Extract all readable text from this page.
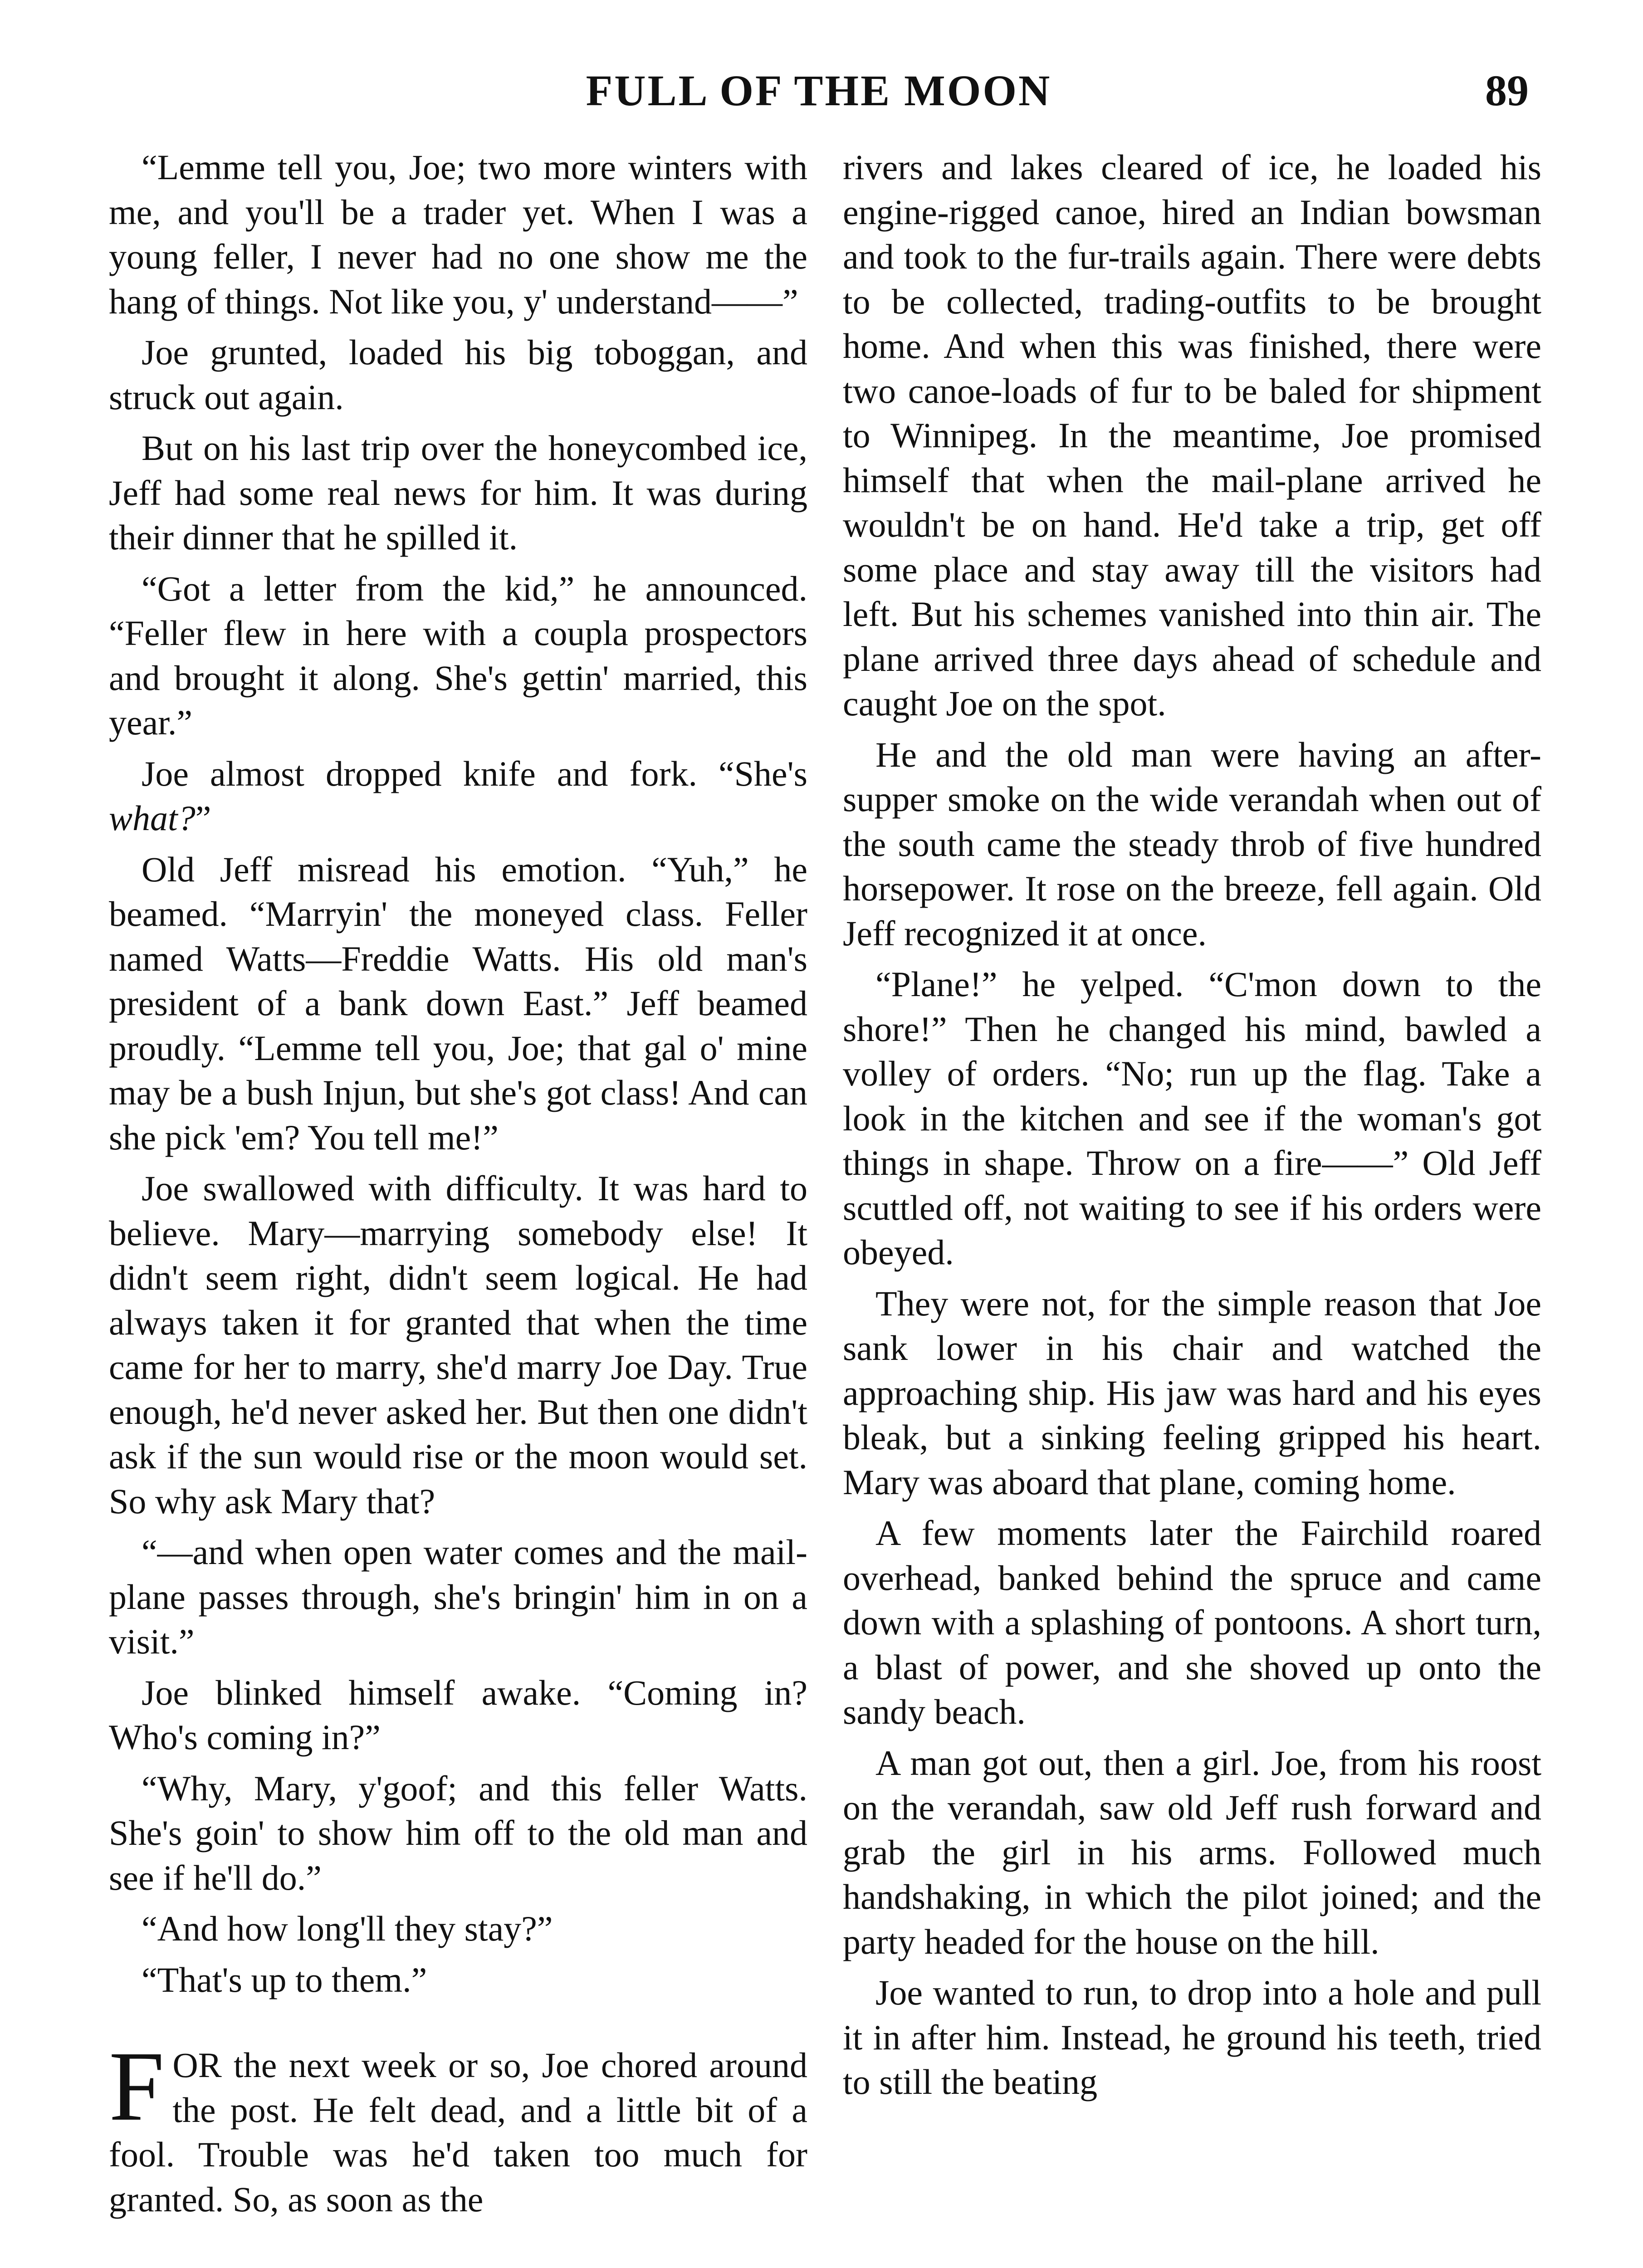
FULL OF THE MOON	89

“Lemme tell you, Joe; two more winters with me, and you'll be a trader yet. When I was a young feller, I never had no one show me the hang of things. Not like you, y' understand——”

Joe grunted, loaded his big toboggan, and struck out again.

But on his last trip over the honeycombed ice, Jeff had some real news for him. It was during their dinner that he spilled it.

“Got a letter from the kid,” he announced. “Feller flew in here with a coupla prospectors and brought it along. She's gettin' married, this year.”

Joe almost dropped knife and fork. “She's what?”

Old Jeff misread his emotion. “Yuh,” he beamed. “Marryin' the moneyed class. Feller named Watts—Freddie Watts. His old man's president of a bank down East.” Jeff beamed proudly. “Lemme tell you, Joe; that gal o' mine may be a bush Injun, but she's got class! And can she pick 'em? You tell me!”

Joe swallowed with difficulty. It was hard to believe. Mary—marrying somebody else! It didn't seem right, didn't seem logical. He had always taken it for granted that when the time came for her to marry, she'd marry Joe Day. True enough, he'd never asked her. But then one didn't ask if the sun would rise or the moon would set. So why ask Mary that?

“—and when open water comes and the mail-plane passes through, she's bringin' him in on a visit.”

Joe blinked himself awake. “Coming in? Who's coming in?”

“Why, Mary, y'goof; and this feller Watts. She's goin' to show him off to the old man and see if he'll do.”

“And how long'll they stay?”

“That's up to them.”

FOR the next week or so, Joe chored around the post. He felt dead, and a little bit of a fool. Trouble was he'd taken too much for granted. So, as soon as the

rivers and lakes cleared of ice, he loaded his engine-rigged canoe, hired an Indian bowsman and took to the fur-trails again. There were debts to be collected, trading-outfits to be brought home. And when this was finished, there were two canoe-loads of fur to be baled for shipment to Winnipeg. In the meantime, Joe promised himself that when the mail-plane arrived he wouldn't be on hand. He'd take a trip, get off some place and stay away till the visitors had left. But his schemes vanished into thin air. The plane arrived three days ahead of schedule and caught Joe on the spot.

He and the old man were having an after-supper smoke on the wide verandah when out of the south came the steady throb of five hundred horsepower. It rose on the breeze, fell again. Old Jeff recognized it at once.

“Plane!” he yelped. “C'mon down to the shore!” Then he changed his mind, bawled a volley of orders. “No; run up the flag. Take a look in the kitchen and see if the woman's got things in shape. Throw on a fire——” Old Jeff scuttled off, not waiting to see if his orders were obeyed.

They were not, for the simple reason that Joe sank lower in his chair and watched the approaching ship. His jaw was hard and his eyes bleak, but a sinking feeling gripped his heart. Mary was aboard that plane, coming home.

A few moments later the Fairchild roared overhead, banked behind the spruce and came down with a splashing of pontoons. A short turn, a blast of power, and she shoved up onto the sandy beach.

A man got out, then a girl. Joe, from his roost on the verandah, saw old Jeff rush forward and grab the girl in his arms. Followed much handshaking, in which the pilot joined; and the party headed for the house on the hill.

Joe wanted to run, to drop into a hole and pull it in after him. Instead, he ground his teeth, tried to still the beating
